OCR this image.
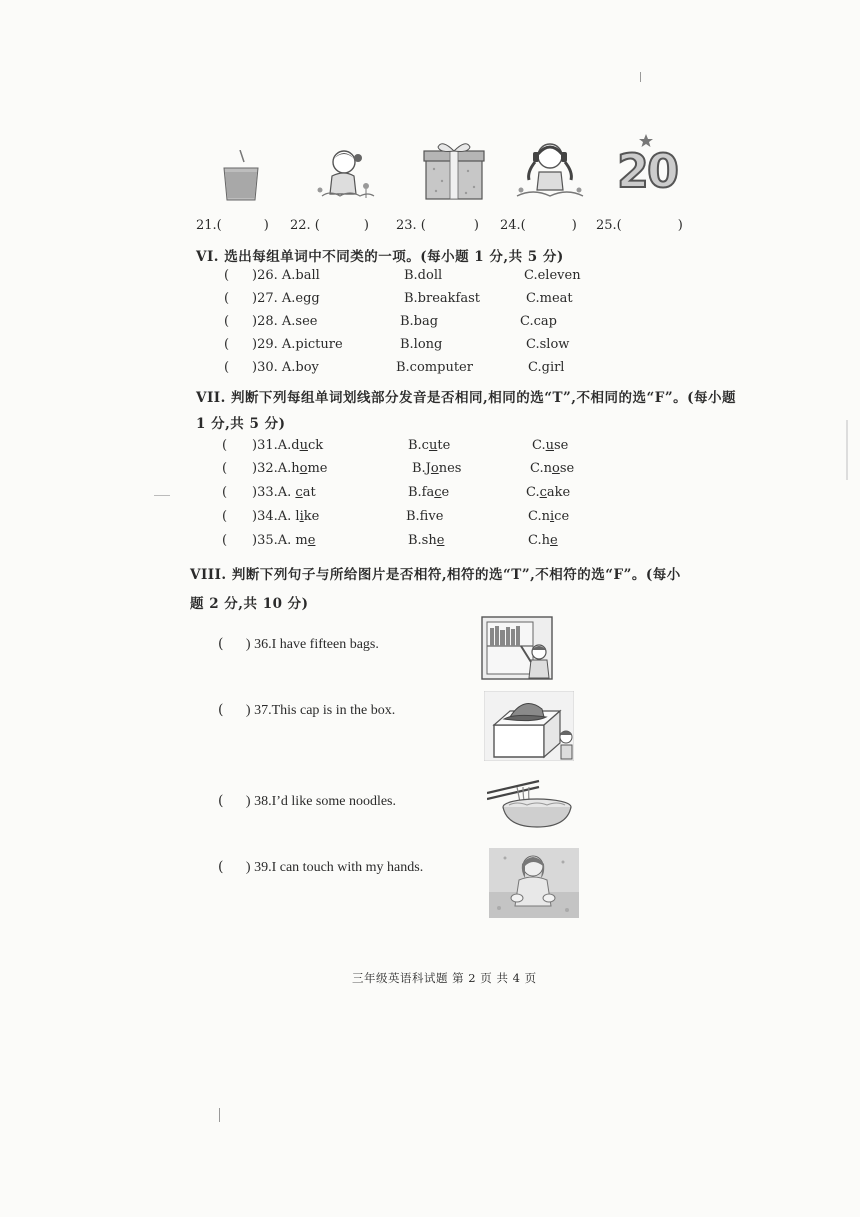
20
21.(	) 22. (	) 23. (	) 24.(	) 25.(	)
VI. 选出每组单词中不同类的一项。(每小题 1 分,共 5 分)
( )26. A.ball	B.doll	C.eleven
( )27. A.egg	B.breakfast	C.meat
( )28. A.see	B.bag	C.cap
( )29. A.picture	B.long	C.slow
( )30. A.boy	B.computer	C.girl
VII. 判断下列每组单词划线部分发音是否相同,相同的选“T”,不相同的选“F”。(每小题
1 分,共 5 分)
( )31.A.duck	B.cute	C.use
( )32.A.home	B.Jones	C.nose
( )33.A. cat	B.face	C.cake
( )34.A. like	B.fve	C.nice
( )35.A. me	B.she	C.he
VIII. 判断下列句子与所给图片是否相符,相符的选“T”,不相符的选“F”。(每小
题 2 分,共 10 分)
( ) 36.I have fifteen bags.
( ) 37.This cap is in the box.
( ) 38.I’d like some noodles.
( ) 39.I can touch with my hands.
三年级英语科试题 第 2 页 共 4 页
